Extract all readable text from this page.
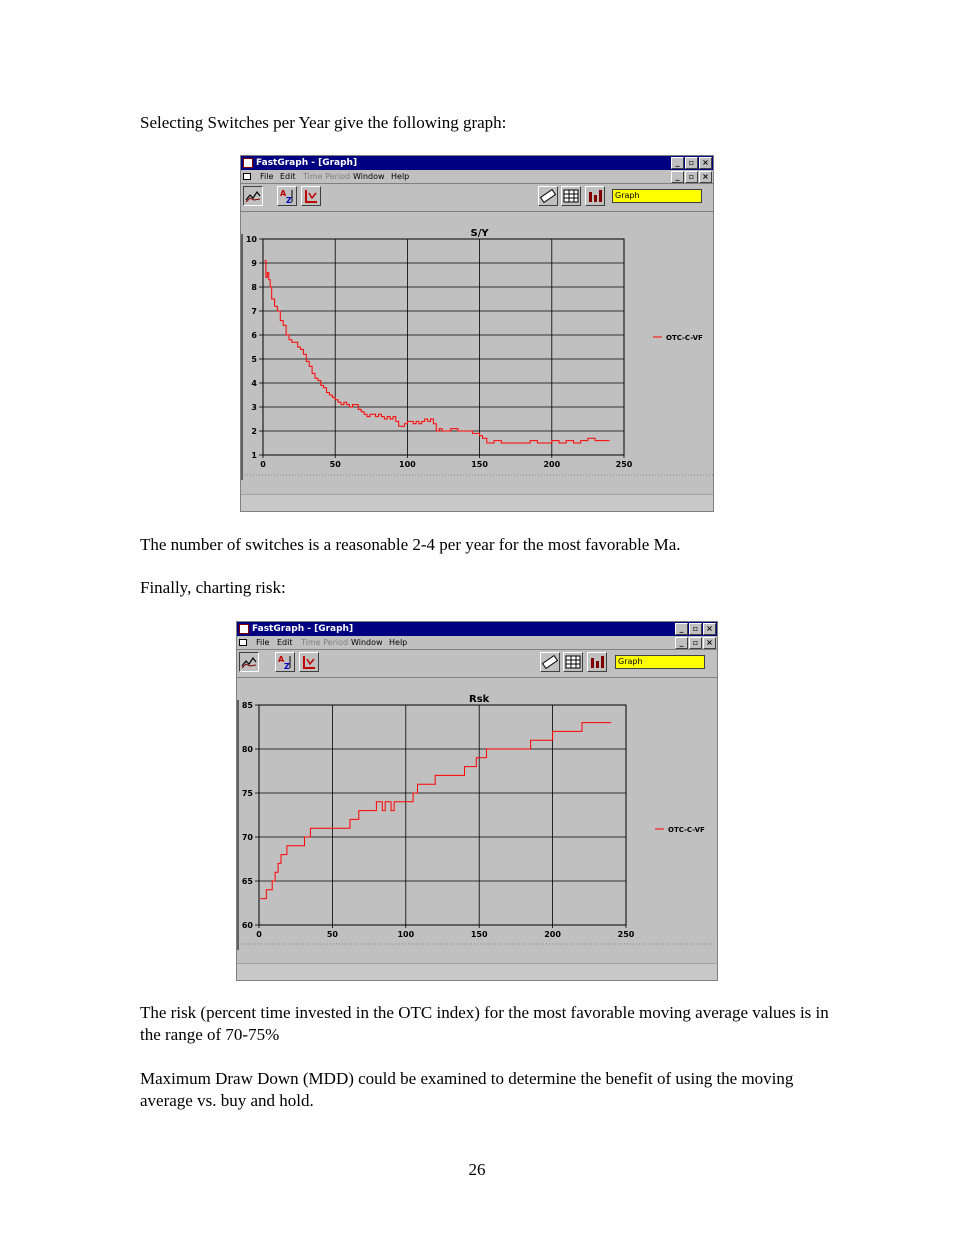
Selecting Switches per Year give the following graph:

FastGraph - [Graph]	_	▫ ×
File Edit Time Period Window Help	_	▫ ×
A
Z
Graph
S/Y
1
2
3
4
5
6
7
8
9
10
0	50	100	150	200	250
OTC-C-VF

The number of switches is a reasonable 2-4 per year for the most favorable Ma.

Finally, charting risk:

FastGraph - [Graph]	_	▫ ×
File Edit Time Period Window Help	_	▫ ×
A
Z
Graph
Rsk
60
65
70
75
80
85
0	50	100	150	200	250
OTC-C-VF

The risk (percent time invested in the OTC index) for the most favorable moving average values is in the range of 70-75%

Maximum Draw Down (MDD) could be examined to determine the benefit of using the moving average vs. buy and hold.

26
